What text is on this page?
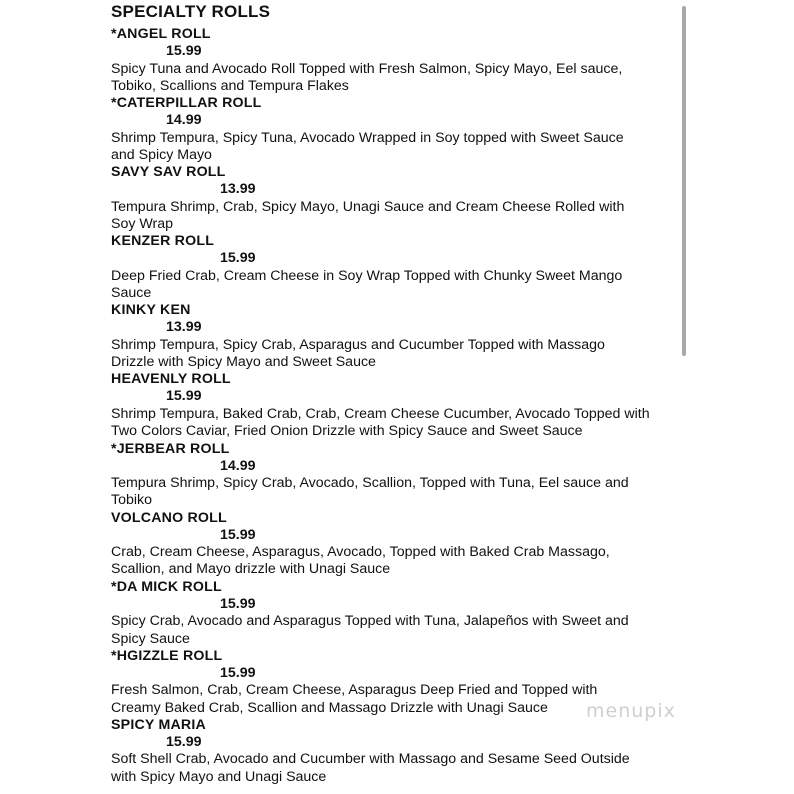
SPECIALTY ROLLS
*ANGEL ROLL
15.99
Spicy Tuna and Avocado Roll Topped with Fresh Salmon, Spicy Mayo, Eel sauce,
Tobiko, Scallions and Tempura Flakes
*CATERPILLAR ROLL
14.99
Shrimp Tempura, Spicy Tuna, Avocado Wrapped in Soy topped with Sweet Sauce
and Spicy Mayo
SAVY SAV ROLL
13.99
Tempura Shrimp, Crab, Spicy Mayo, Unagi Sauce and Cream Cheese Rolled with
Soy Wrap
KENZER ROLL
15.99
Deep Fried Crab, Cream Cheese in Soy Wrap Topped with Chunky Sweet Mango
Sauce
KINKY KEN
13.99
Shrimp Tempura, Spicy Crab, Asparagus and Cucumber Topped with Massago
Drizzle with Spicy Mayo and Sweet Sauce
HEAVENLY ROLL
15.99
Shrimp Tempura, Baked Crab, Crab, Cream Cheese Cucumber, Avocado Topped with
Two Colors Caviar, Fried Onion Drizzle with Spicy Sauce and Sweet Sauce
*JERBEAR ROLL
14.99
Tempura Shrimp, Spicy Crab, Avocado, Scallion, Topped with Tuna, Eel sauce and
Tobiko
VOLCANO ROLL
15.99
Crab, Cream Cheese, Asparagus, Avocado, Topped with Baked Crab Massago,
Scallion, and Mayo drizzle with Unagi Sauce
*DA MICK ROLL
15.99
Spicy Crab, Avocado and Asparagus Topped with Tuna, Jalapeños with Sweet and
Spicy Sauce
*HGIZZLE ROLL
15.99
Fresh Salmon, Crab, Cream Cheese, Asparagus Deep Fried and Topped with
Creamy Baked Crab, Scallion and Massago Drizzle with Unagi Sauce
SPICY MARIA
15.99
Soft Shell Crab, Avocado and Cucumber with Massago and Sesame Seed Outside
with Spicy Mayo and Unagi Sauce
menupix
